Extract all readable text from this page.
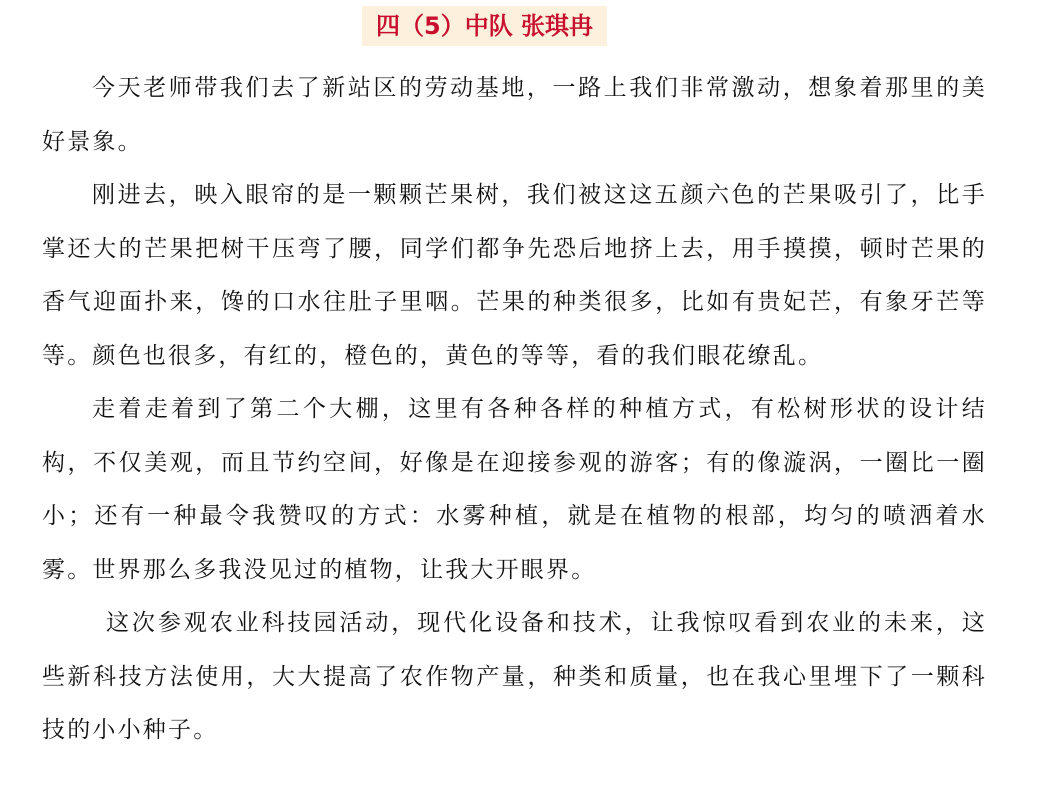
四（5）中队 张琪冉

今天老师带我们去了新站区的劳动基地，一路上我们非常激动，想象着那里的美好景象。

刚进去，映入眼帘的是一颗颗芒果树，我们被这这五颜六色的芒果吸引了，比手掌还大的芒果把树干压弯了腰，同学们都争先恐后地挤上去，用手摸摸，顿时芒果的香气迎面扑来，馋的口水往肚子里咽。芒果的种类很多，比如有贵妃芒，有象牙芒等等。颜色也很多，有红的，橙色的，黄色的等等，看的我们眼花缭乱。

走着走着到了第二个大棚，这里有各种各样的种植方式，有松树形状的设计结构，不仅美观，而且节约空间，好像是在迎接参观的游客；有的像漩涡，一圈比一圈小；还有一种最令我赞叹的方式：水雾种植，就是在植物的根部，均匀的喷洒着水雾。世界那么多我没见过的植物，让我大开眼界。

这次参观农业科技园活动，现代化设备和技术，让我惊叹看到农业的未来，这些新科技方法使用，大大提高了农作物产量，种类和质量，也在我心里埋下了一颗科技的小小种子。
